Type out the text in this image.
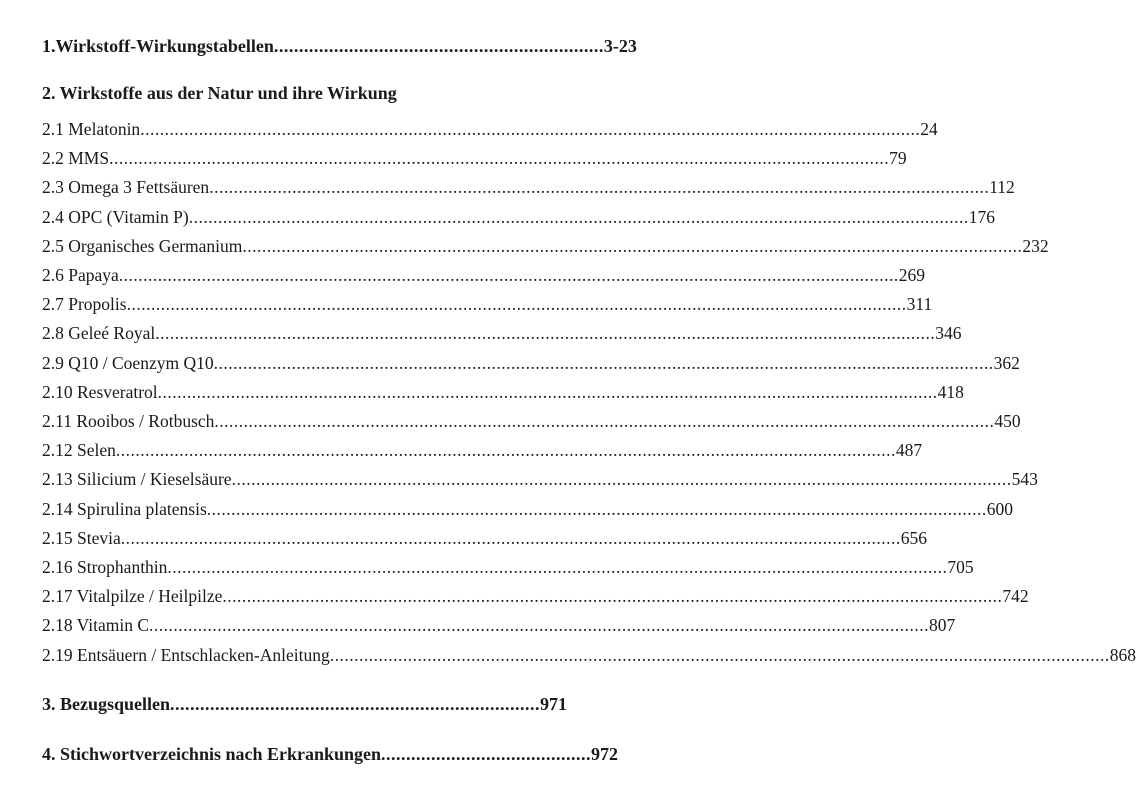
1.Wirkstoff-Wirkungstabellen .................................................................. 3-23
2. Wirkstoffe aus der Natur und ihre Wirkung
2.1 Melatonin ................................................................................................................................................................ 24
2.2 MMS ................................................................................................................................................................ 79
2.3 Omega 3 Fettsäuren ................................................................................................................................................................ 112
2.4 OPC (Vitamin P) ................................................................................................................................................................ 176
2.5 Organisches Germanium ................................................................................................................................................................ 232
2.6 Papaya ................................................................................................................................................................ 269
2.7 Propolis ................................................................................................................................................................ 311
2.8 Geleé Royal ................................................................................................................................................................ 346
2.9 Q10 / Coenzym Q10 ................................................................................................................................................................ 362
2.10 Resveratrol ................................................................................................................................................................ 418
2.11 Rooibos / Rotbusch ................................................................................................................................................................ 450
2.12 Selen ................................................................................................................................................................ 487
2.13 Silicium / Kieselsäure ................................................................................................................................................................ 543
2.14 Spirulina platensis ................................................................................................................................................................ 600
2.15 Stevia ................................................................................................................................................................ 656
2.16 Strophanthin ................................................................................................................................................................ 705
2.17 Vitalpilze / Heilpilze ................................................................................................................................................................ 742
2.18 Vitamin C ................................................................................................................................................................ 807
2.19 Entsäuern / Entschlacken-Anleitung ................................................................................................................................................................ 868
3. Bezugsquellen .......................................................................... 971
4. Stichwortverzeichnis nach Erkrankungen .......................................... 972
